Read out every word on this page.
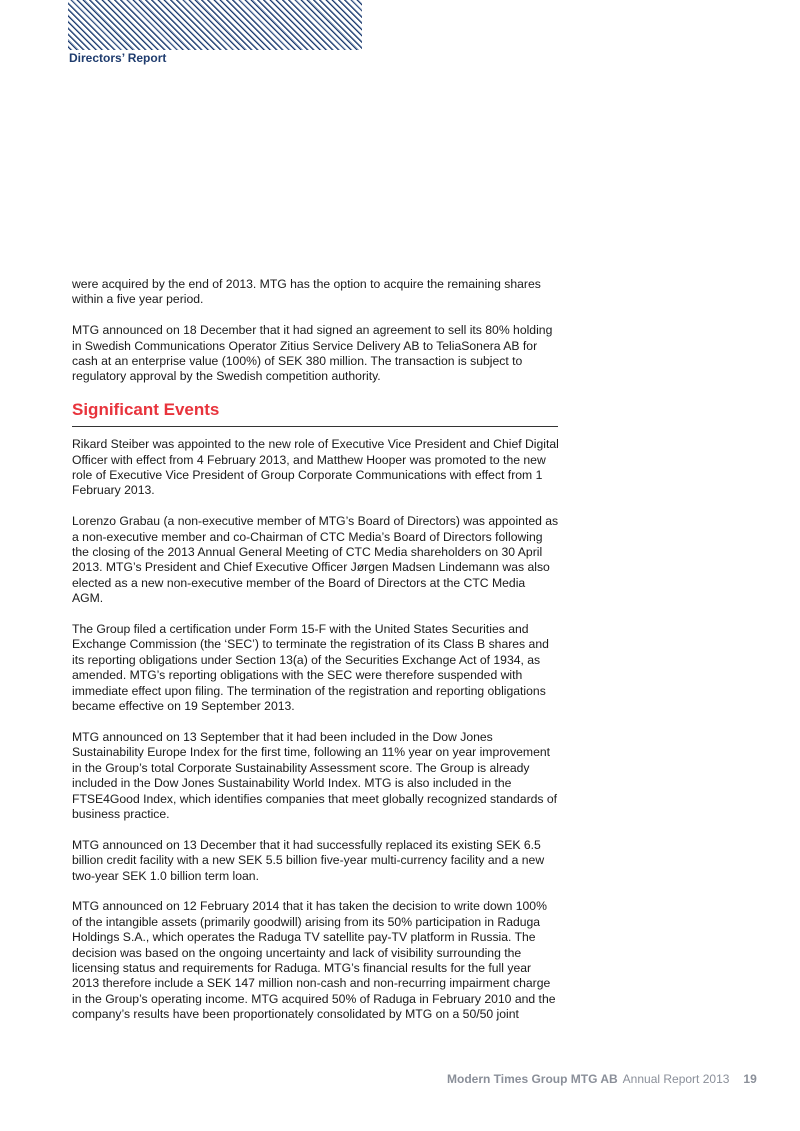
Directors’ Report

were acquired by the end of 2013. MTG has the option to acquire the remaining shares
within a five year period.

MTG announced on 18 December that it had signed an agreement to sell its 80% holding
in Swedish Communications Operator Zitius Service Delivery AB to TeliaSonera AB for
cash at an enterprise value (100%) of SEK 380 million. The transaction is subject to
regulatory approval by the Swedish competition authority.

Significant Events

Rikard Steiber was appointed to the new role of Executive Vice President and Chief Digital
Officer with effect from 4 February 2013, and Matthew Hooper was promoted to the new
role of Executive Vice President of Group Corporate Communications with effect from 1
February 2013.

Lorenzo Grabau (a non-executive member of MTG’s Board of Directors) was appointed as
a non-executive member and co-Chairman of CTC Media’s Board of Directors following
the closing of the 2013 Annual General Meeting of CTC Media shareholders on 30 April
2013. MTG’s President and Chief Executive Officer Jørgen Madsen Lindemann was also
elected as a new non-executive member of the Board of Directors at the CTC Media
AGM.

The Group filed a certification under Form 15-F with the United States Securities and
Exchange Commission (the ‘SEC’) to terminate the registration of its Class B shares and
its reporting obligations under Section 13(a) of the Securities Exchange Act of 1934, as
amended. MTG’s reporting obligations with the SEC were therefore suspended with
immediate effect upon filing. The termination of the registration and reporting obligations
became effective on 19 September 2013.

MTG announced on 13 September that it had been included in the Dow Jones
Sustainability Europe Index for the first time, following an 11% year on year improvement
in the Group’s total Corporate Sustainability Assessment score. The Group is already
included in the Dow Jones Sustainability World Index. MTG is also included in the
FTSE4Good Index, which identifies companies that meet globally recognized standards of
business practice.

MTG announced on 13 December that it had successfully replaced its existing SEK 6.5
billion credit facility with a new SEK 5.5 billion five-year multi-currency facility and a new
two-year SEK 1.0 billion term loan.

MTG announced on 12 February 2014 that it has taken the decision to write down 100%
of the intangible assets (primarily goodwill) arising from its 50% participation in Raduga
Holdings S.A., which operates the Raduga TV satellite pay-TV platform in Russia. The
decision was based on the ongoing uncertainty and lack of visibility surrounding the
licensing status and requirements for Raduga. MTG’s financial results for the full year
2013 therefore include a SEK 147 million non-cash and non-recurring impairment charge
in the Group’s operating income. MTG acquired 50% of Raduga in February 2010 and the
company’s results have been proportionately consolidated by MTG on a 50/50 joint

Modern Times Group MTG AB Annual Report 2013 19
